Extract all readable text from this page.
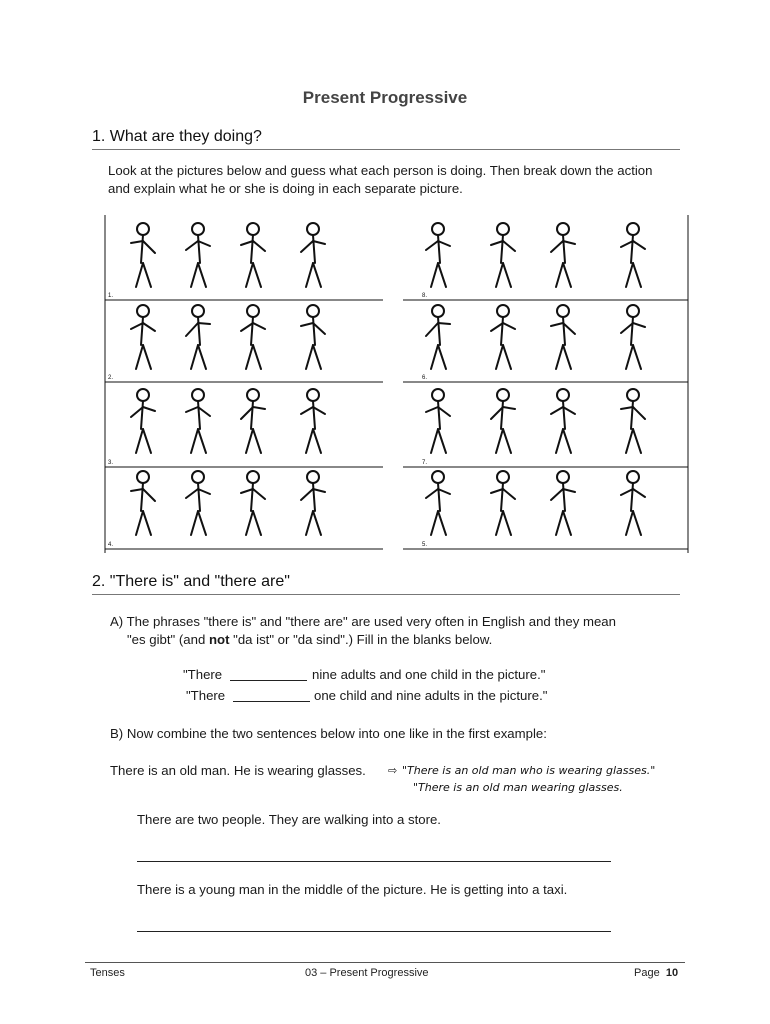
Present Progressive
1. What are they doing?
Look at the pictures below and guess what each person is doing. Then break down the action and explain what he or she is doing in each separate picture.
1.
2.
3.
4.	5.
6.
7.
8.
2. "There is" and "there are"
A) The phrases "there is" and "there are" are used very often in English and they mean
"es gibt" (and not "da ist" or "da sind".) Fill in the blanks below.
"There	nine adults and one child in the picture."
"There	one child and nine adults in the picture."
B) Now combine the two sentences below into one like in the first example:
There is an old man. He is wearing glasses. ⇨ "There is an old man who is wearing glasses."
"There is an old man wearing glasses.
There are two people. They are walking into a store.
There is a young man in the middle of the picture. He is getting into a taxi.
Tenses	03 – Present Progressive	Page 10
